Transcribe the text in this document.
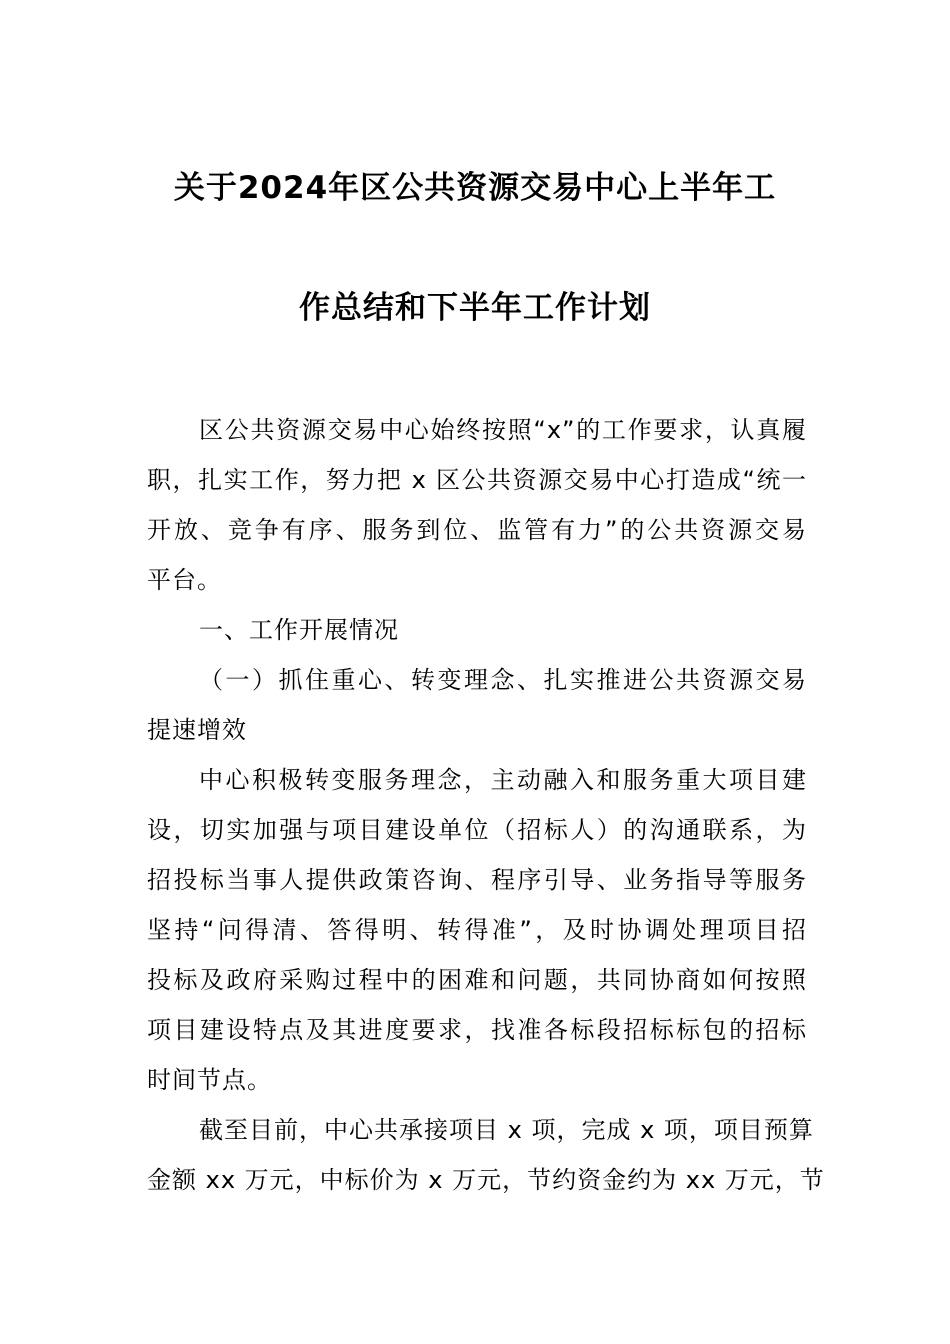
关于2024年区公共资源交易中心上半年工
作总结和下半年工作计划
区公共资源交易中心始终按照“x”的工作要求，认真履
职，扎实工作，努力把 x 区公共资源交易中心打造成“统一
开放、竞争有序、服务到位、监管有力”的公共资源交易
平台。
一、工作开展情况
（一）抓住重心、转变理念、扎实推进公共资源交易
提速增效
中心积极转变服务理念，主动融入和服务重大项目建
设，切实加强与项目建设单位（招标人）的沟通联系，为
招投标当事人提供政策咨询、程序引导、业务指导等服务
坚持“问得清、答得明、转得准”，及时协调处理项目招
投标及政府采购过程中的困难和问题，共同协商如何按照
项目建设特点及其进度要求，找准各标段招标标包的招标
时间节点。
截至目前，中心共承接项目 x 项，完成 x 项，项目预算
金额 xx 万元，中标价为 x 万元，节约资金约为 xx 万元，节
